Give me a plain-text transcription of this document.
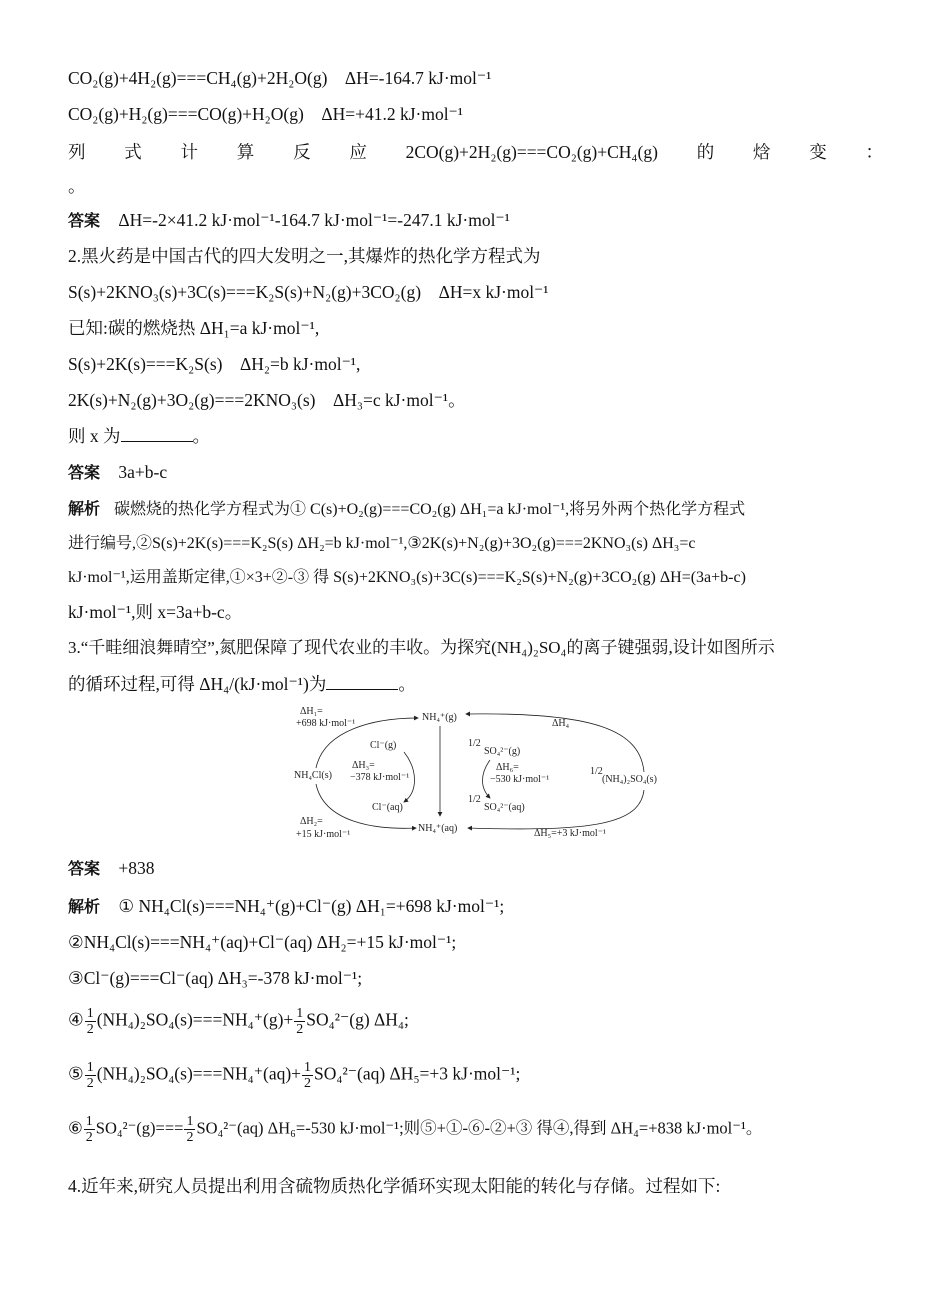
CO₂(g)+4H₂(g)===CH₄(g)+2H₂O(g) ΔH=-164.7 kJ·mol⁻¹
CO₂(g)+H₂(g)===CO(g)+H₂O(g) ΔH=+41.2 kJ·mol⁻¹
列 式 计 算 反 应 2CO(g)+2H₂(g)===CO₂(g)+CH₄(g) 的 焓 变 ：
。
答案 ΔH=-2×41.2 kJ·mol⁻¹-164.7 kJ·mol⁻¹=-247.1 kJ·mol⁻¹
2.黑火药是中国古代的四大发明之一,其爆炸的热化学方程式为
S(s)+2KNO₃(s)+3C(s)===K₂S(s)+N₂(g)+3CO₂(g) ΔH=x kJ·mol⁻¹
已知:碳的燃烧热 ΔH₁=a kJ·mol⁻¹,
S(s)+2K(s)===K₂S(s) ΔH₂=b kJ·mol⁻¹,
2K(s)+N₂(g)+3O₂(g)===2KNO₃(s) ΔH₃=c kJ·mol⁻¹。
则 x 为	。
答案 3a+b-c
解析 碳燃烧的热化学方程式为① C(s)+O₂(g)===CO₂(g) ΔH₁=a kJ·mol⁻¹,将另外两个热化学方程式
进行编号,②S(s)+2K(s)===K₂S(s) ΔH₂=b kJ·mol⁻¹,③2K(s)+N₂(g)+3O₂(g)===2KNO₃(s) ΔH₃=c
kJ·mol⁻¹,运用盖斯定律,①×3+②-③ 得 S(s)+2KNO₃(s)+3C(s)===K₂S(s)+N₂(g)+3CO₂(g) ΔH=(3a+b-c)
kJ·mol⁻¹,则 x=3a+b-c。
3.“千畦细浪舞晴空”,氮肥保障了现代农业的丰收。为探究(NH₄)₂SO₄的离子键强弱,设计如图所示
的循环过程,可得 ΔH₄/(kJ·mol⁻¹)为	。
ΔH₁=
+698 kJ·mol⁻¹
NH₄Cl(s)
Cl⁻(g)
ΔH₃=
−378 kJ·mol⁻¹
Cl⁻(aq)
ΔH₂=
+15 kJ·mol⁻¹
NH₄⁺(g)
NH₄⁺(aq)
1/2
SO₄²⁻(g)
ΔH₆=
−530 kJ·mol⁻¹
1/2
SO₄²⁻(aq)
ΔH₄
1/2
(NH₄)₂SO₄(s)
ΔH₅=+3 kJ·mol⁻¹
答案 +838
解析 ① NH₄Cl(s)===NH₄⁺(g)+Cl⁻(g) ΔH₁=+698 kJ·mol⁻¹;
②NH₄Cl(s)===NH₄⁺(aq)+Cl⁻(aq) ΔH₂=+15 kJ·mol⁻¹;
③Cl⁻(g)===Cl⁻(aq) ΔH₃=-378 kJ·mol⁻¹;
④ $\frac{1}{2} (NH_4)_2SO_4(s)===NH_4^+(g)+ \frac{1}{2} SO_4^{2-}(g)$ ΔH₄;
⑤ $\frac{1}{2} (NH_4)_2SO_4(s)===NH_4^+(aq)+ \frac{1}{2} SO_4^{2-}(aq)$ ΔH₅=+3 kJ·mol⁻¹;
⑥ $\frac{1}{2} SO_4^{2-}(g)=== \frac{1}{2} SO_4^{2-}(aq)$ ΔH₆=-530 kJ·mol⁻¹;则⑤+①-⑥-②+③ 得④,得到 ΔH₄=+838 kJ·mol⁻¹。
4.近年来,研究人员提出利用含硫物质热化学循环实现太阳能的转化与存储。过程如下:
